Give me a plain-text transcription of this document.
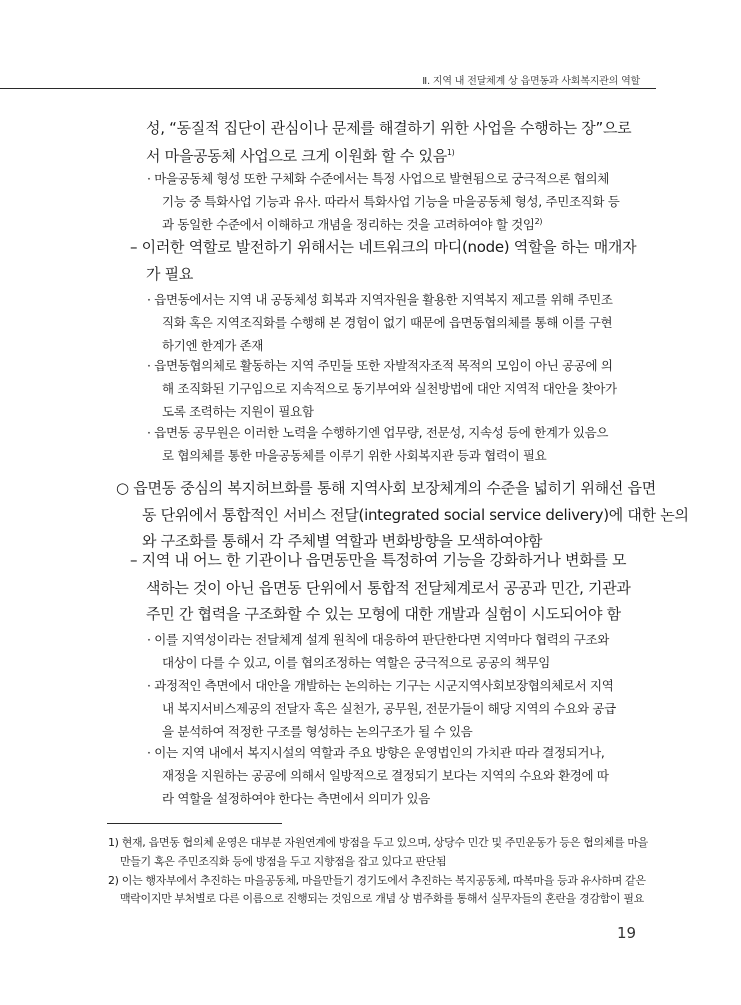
Ⅱ. 지역 내 전달체계 상 읍면동과 사회복지관의 역할
성, “동질적 집단이 관심이나 문제를 해결하기 위한 사업을 수행하는 장”으로
서 마을공동체 사업으로 크게 이원화 할 수 있음$^{1)}$
· 마을공동체 형성 또한 구체화 수준에서는 특정 사업으로 발현됨으로 궁극적으론 협의체
기능 중 특화사업 기능과 유사. 따라서 특화사업 기능을 마을공동체 형성, 주민조직화 등
과 동일한 수준에서 이해하고 개념을 정리하는 것을 고려하여야 할 것임$^{2)}$
– 이러한 역할로 발전하기 위해서는 네트워크의 마디(node) 역할을 하는 매개자
가 필요
· 읍면동에서는 지역 내 공동체성 회복과 지역자원을 활용한 지역복지 제고를 위해 주민조
직화 혹은 지역조직화를 수행해 본 경험이 없기 때문에 읍면동협의체를 통해 이를 구현
하기엔 한계가 존재
· 읍면동협의체로 활동하는 지역 주민들 또한 자발적자조적 목적의 모임이 아닌 공공에 의
해 조직화된 기구임으로 지속적으로 동기부여와 실천방법에 대안 지역적 대안을 찾아가
도록 조력하는 지원이 필요함
· 읍면동 공무원은 이러한 노력을 수행하기엔 업무량, 전문성, 지속성 등에 한계가 있음으
로 협의체를 통한 마을공동체를 이루기 위한 사회복지관 등과 협력이 필요
○ 읍면동 중심의 복지허브화를 통해 지역사회 보장체계의 수준을 넓히기 위해선 읍면
동 단위에서 통합적인 서비스 전달(integrated social service delivery)에 대한 논의
와 구조화를 통해서 각 주체별 역할과 변화방향을 모색하여야함
– 지역 내 어느 한 기관이나 읍면동만을 특정하여 기능을 강화하거나 변화를 모
색하는 것이 아닌 읍면동 단위에서 통합적 전달체계로서 공공과 민간, 기관과
주민 간 협력을 구조화할 수 있는 모형에 대한 개발과 실험이 시도되어야 함
· 이를 지역성이라는 전달체계 설계 원칙에 대응하여 판단한다면 지역마다 협력의 구조와
대상이 다를 수 있고, 이를 협의조정하는 역할은 궁극적으로 공공의 책무임
· 과정적인 측면에서 대안을 개발하는 논의하는 기구는 시군지역사회보장협의체로서 지역
내 복지서비스제공의 전달자 혹은 실천가, 공무원, 전문가들이 해당 지역의 수요와 공급
을 분석하여 적정한 구조를 형성하는 논의구조가 될 수 있음
· 이는 지역 내에서 복지시설의 역할과 주요 방향은 운영법인의 가치관 따라 결정되거나,
재정을 지원하는 공공에 의해서 일방적으로 결정되기 보다는 지역의 수요와 환경에 따
라 역할을 설정하여야 한다는 측면에서 의미가 있음
1) 현재, 읍면동 협의체 운영은 대부분 자원연계에 방점을 두고 있으며, 상당수 민간 및 주민운동가 등은 협의체를 마을
만들기 혹은 주민조직화 등에 방점을 두고 지향점을 잡고 있다고 판단됨
2) 이는 행자부에서 추진하는 마을공동체, 마을만들기 경기도에서 추진하는 복지공동체, 따복마을 등과 유사하며 같은
맥락이지만 부처별로 다른 이름으로 진행되는 것임으로 개념 상 범주화를 통해서 실무자들의 혼란을 경감함이 필요
19
